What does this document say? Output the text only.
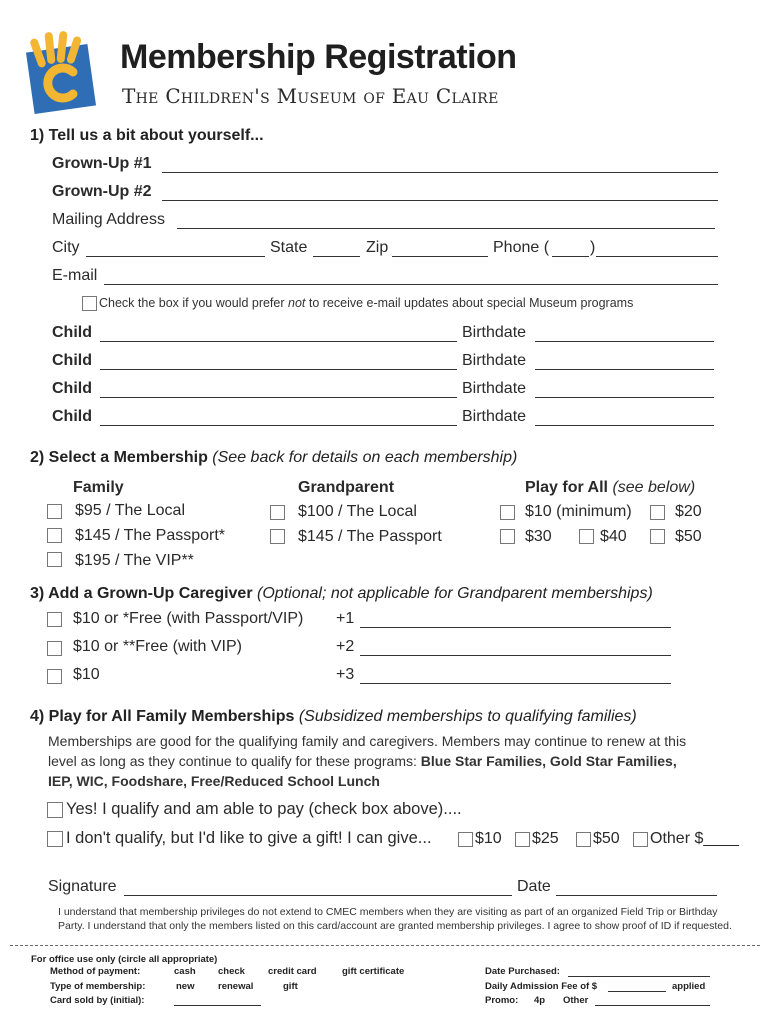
Membership Registration
The Children's Museum of Eau Claire
1) Tell us a bit about yourself...
Grown-Up #1
Grown-Up #2
Mailing Address
City	State	Zip	Phone (	)
E-mail
Check the box if you would prefer not to receive e-mail updates about special Museum programs
Child	Birthdate
Child	Birthdate
Child	Birthdate
Child	Birthdate
2) Select a Membership (See back for details on each membership)
Family
$95 / The Local
$145 / The Passport*
$195 / The VIP**
Grandparent
$100 / The Local
$145 / The Passport
Play for All (see below)
$10 (minimum)	$20
$30	$40	$50
3) Add a Grown-Up Caregiver (Optional; not applicable for Grandparent memberships)
$10 or *Free (with Passport/VIP) +1
$10 or **Free (with VIP)	+2
$10	+3
4) Play for All Family Memberships (Subsidized memberships to qualifying families)
Memberships are good for the qualifying family and caregivers. Members may continue to renew at this
level as long as they continue to qualify for these programs: Blue Star Families, Gold Star Families,
IEP, WIC, Foodshare, Free/Reduced School Lunch
Yes! I qualify and am able to pay (check box above)....
I don't qualify, but I'd like to give a gift! I can give...	$10 $25 $50 Other $____
Signature	Date
I understand that membership privileges do not extend to CMEC members when they are visiting as part of an organized Field Trip or Birthday
Party. I understand that only the members listed on this card/account are granted membership privileges. I agree to show proof of ID if requested.
For office use only (circle all appropriate)
Method of payment:	cash check credit card	gift certificate
Type of membership:	new renewal	gift
Card sold by (initial):
Date Purchased:
Daily Admission Fee of $	applied
Promo: 4p Other
